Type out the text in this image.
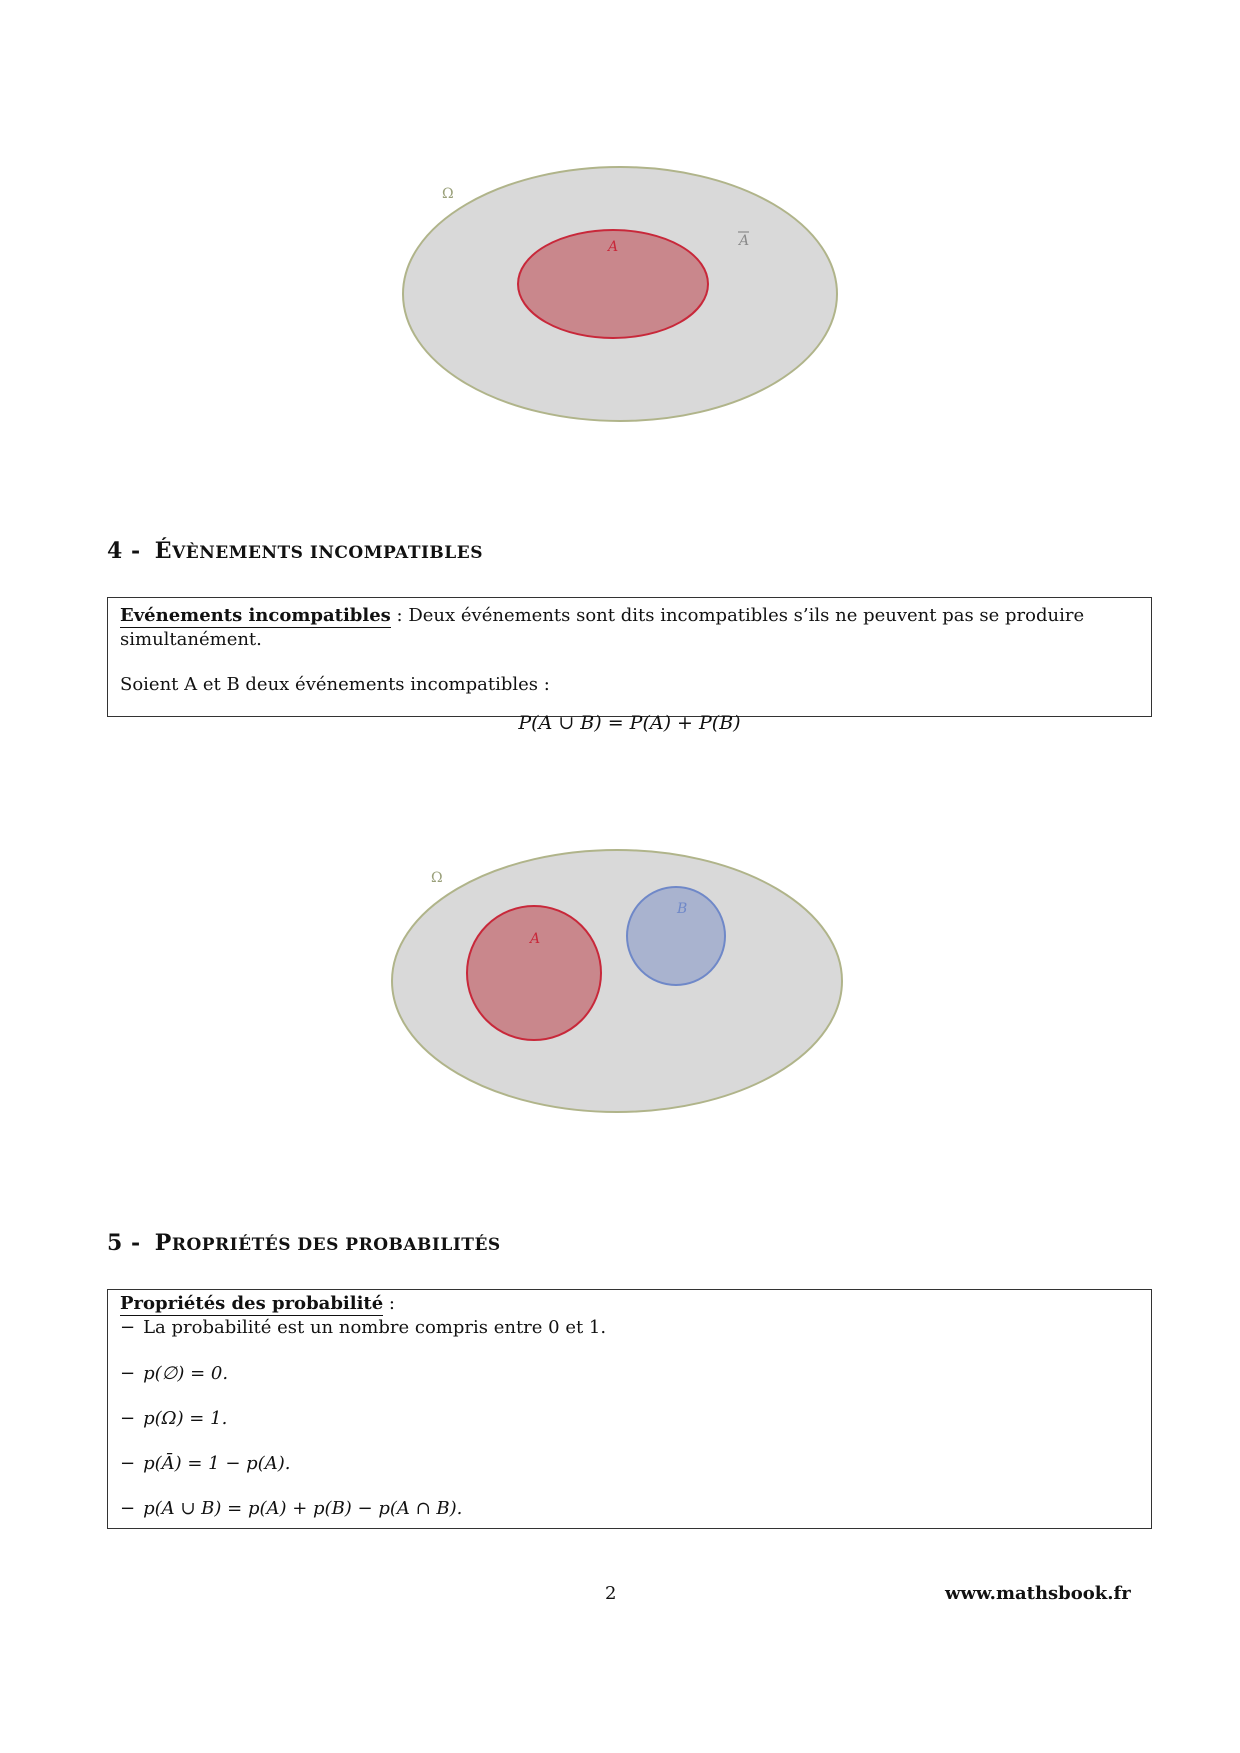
Ω
A	A
4 - ÉVÈNEMENTS INCOMPATIBLES

Evénements incompatibles : Deux événements sont dits incompatibles s’ils ne peuvent pas se produire simultanément.

Soient A et B deux événements incompatibles :

P(A ∪ B) = P(A) + P(B)

Ω
A
B
5 - PROPRIÉTÉS DES PROBABILITÉS

Propriétés des probabilité :

− La probabilité est un nombre compris entre 0 et 1.

− p(∅) = 0.

− p(Ω) = 1.

− p(Ā) = 1 − p(A).

− p(A ∪ B) = p(A) + p(B) − p(A ∩ B).

2	www.mathsbook.fr
